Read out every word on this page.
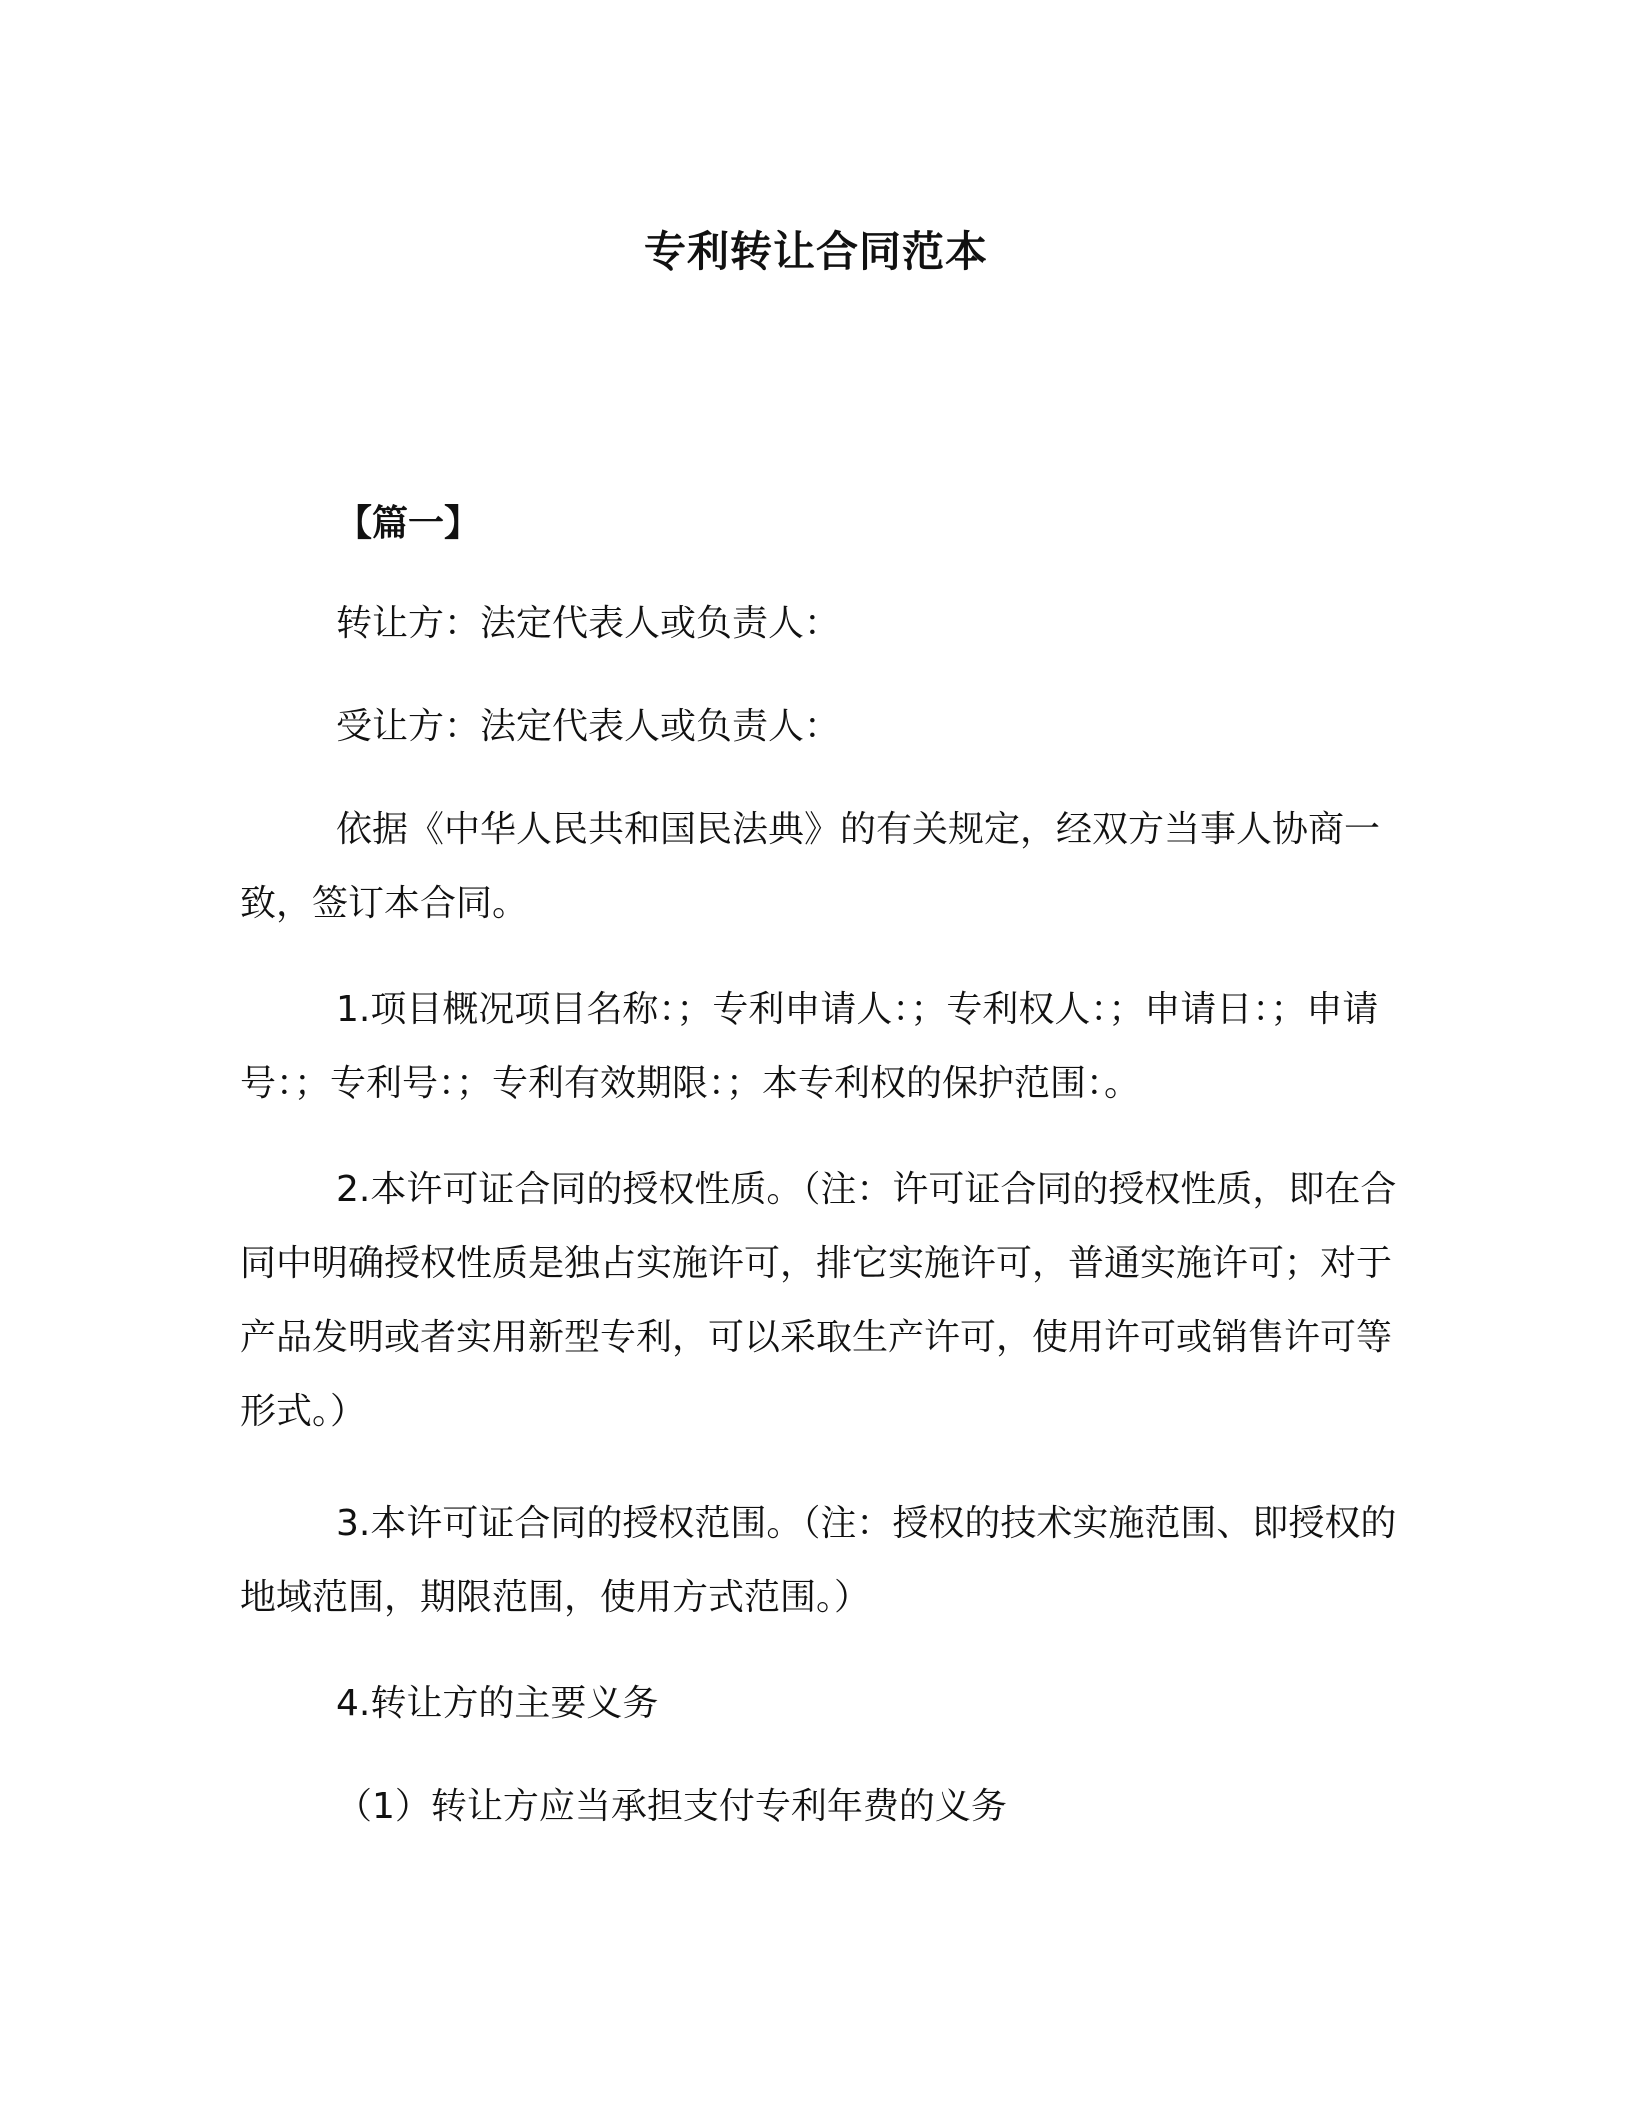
专利转让合同范本

【篇一】

转让方：法定代表人或负责人：

受让方：法定代表人或负责人：

依据《中华人民共和国民法典》的有关规定，经双方当事人协商一致，签订本合同。

1.项目概况项目名称：；专利申请人：；专利权人：；申请日：；申请号：；专利号：；专利有效期限：；本专利权的保护范围：。

2.本许可证合同的授权性质。（注：许可证合同的授权性质，即在合同中明确授权性质是独占实施许可，排它实施许可，普通实施许可；对于产品发明或者实用新型专利，可以采取生产许可，使用许可或销售许可等形式。）

3.本许可证合同的授权范围。（注：授权的技术实施范围、即授权的地域范围，期限范围，使用方式范围。）

4.转让方的主要义务

（1）转让方应当承担支付专利年费的义务
